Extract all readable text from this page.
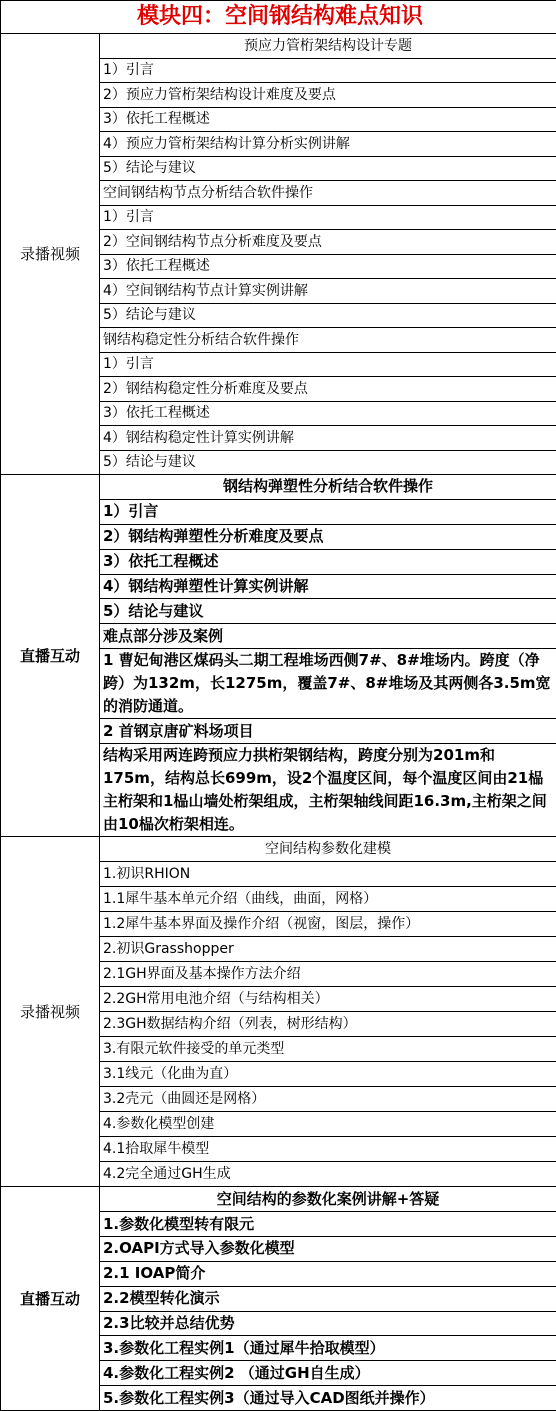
模块四：空间钢结构难点知识	
录播视频	预应力管桁架结构设计专题
	1）引言
	2）预应力管桁架结构设计难度及要点
	3）依托工程概述
	4）预应力管桁架结构计算分析实例讲解
	5）结论与建议
	空间钢结构节点分析结合软件操作
	1）引言
	2）空间钢结构节点分析难度及要点
	3）依托工程概述
	4）空间钢结构节点计算实例讲解
	5）结论与建议
	钢结构稳定性分析结合软件操作
	1）引言
	2）钢结构稳定性分析难度及要点
	3）依托工程概述
	4）钢结构稳定性计算实例讲解
	5）结论与建议
直播互动	钢结构弹塑性分析结合软件操作
	1）引言
	2）钢结构弹塑性分析难度及要点
	3）依托工程概述
	4）钢结构弹塑性计算实例讲解
	5）结论与建议
	难点部分涉及案例
	1 曹妃甸港区煤码头二期工程堆场西侧7#、8#堆场内。跨度（净跨）为132m，长1275m，覆盖7#、8#堆场及其两侧各3.5m宽的消防通道。
	2 首钢京唐矿料场项目
	结构采用两连跨预应力拱桁架钢结构，跨度分别为201m和175m，结构总长699m，设2个温度区间，每个温度区间由21榀主桁架和1榀山墙处桁架组成，主桁架轴线间距16.3m,主桁架之间由10榀次桁架相连。
录播视频	空间结构参数化建模
	1.初识RHION
	1.1犀牛基本单元介绍（曲线，曲面，网格）
	1.2犀牛基本界面及操作介绍（视窗，图层，操作）
	2.初识Grasshopper
	2.1GH界面及基本操作方法介绍
	2.2GH常用电池介绍（与结构相关）
	2.3GH数据结构介绍（列表，树形结构）
	3.有限元软件接受的单元类型
	3.1线元（化曲为直）
	3.2壳元（曲圆还是网格）
	4.参数化模型创建
	4.1拾取犀牛模型
	4.2完全通过GH生成
直播互动	空间结构的参数化案例讲解+答疑
	1.参数化模型转有限元
	2.OAPI方式导入参数化模型
	2.1 IOAP简介
	2.2模型转化演示
	2.3比较并总结优势
	3.参数化工程实例1（通过犀牛拾取模型）
	4.参数化工程实例2 （通过GH自生成）
	5.参数化工程实例3（通过导入CAD图纸并操作）
